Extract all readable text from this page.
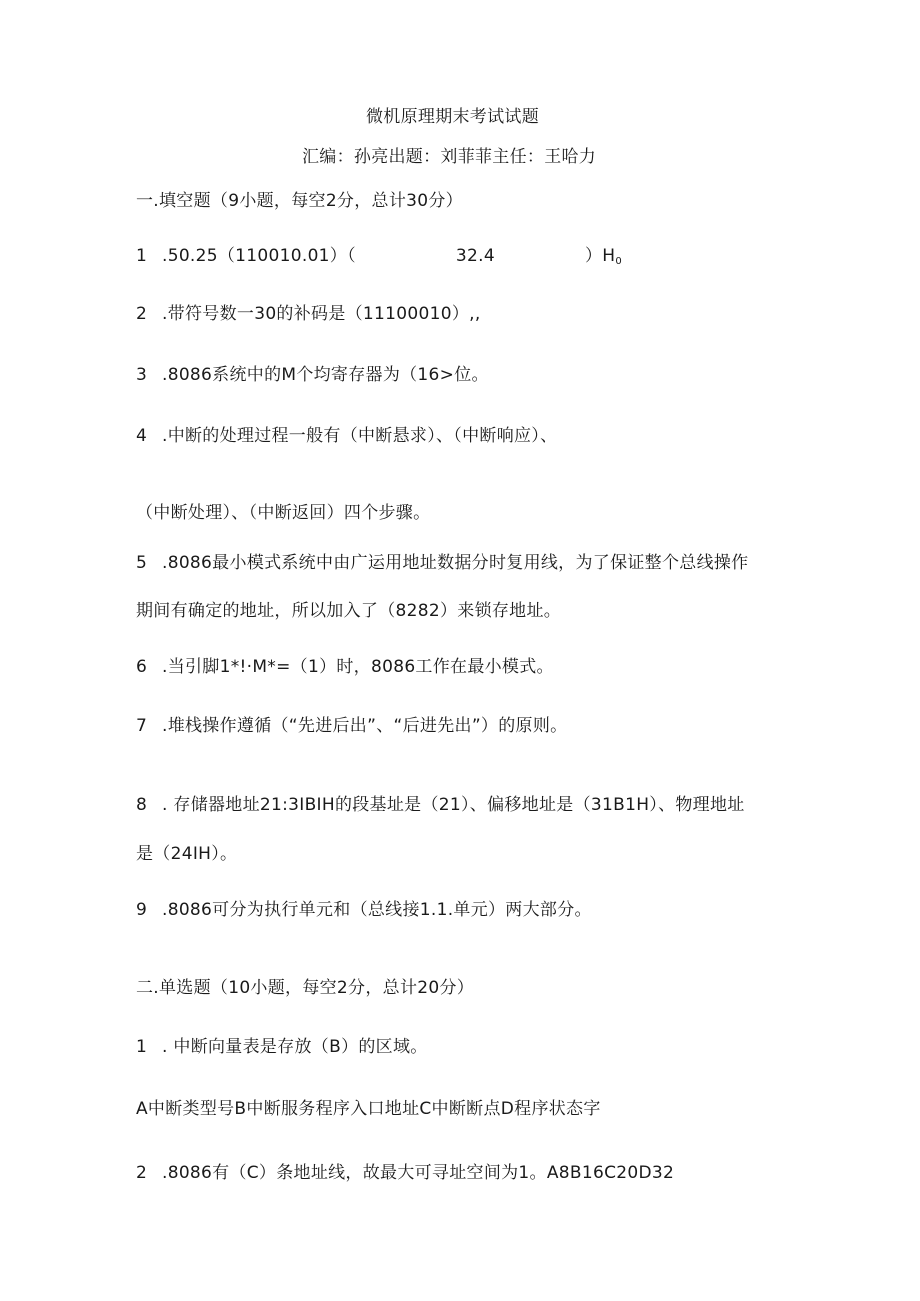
微机原理期末考试试题
汇编：孙亮出题：刘菲菲主任：王哈力
一.填空题（9小题，每空2分，总计30分）
1 .50.25（110010.01）（	32.4	）$H_0$
2 .带符号数一30的补码是（11100010）,,
3 .8086系统中的M个均寄存器为（16>位。
4 .中断的处理过程一般有（中断悬求）、（中断响应）、
（中断处理）、（中断返回）四个步骤。
5 .8086最小模式系统中由广运用地址数据分时复用线，为了保证整个总线操作
期间有确定的地址，所以加入了（8282）来锁存地址。
6 .当引脚1*!·M*=（1）时，8086工作在最小模式。
7 .堆栈操作遵循（“先进后出”、“后进先出”）的原则。
8 . 存储器地址21:3IBIH的段基址是（21）、偏移地址是（31B1H）、物理地址
是（24IH）。
9 .8086可分为执行单元和（总线接1.1.单元）两大部分。
二.单选题（10小题，每空2分，总计20分）
1 . 中断向量表是存放（B）的区域。
A中断类型号B中断服务程序入口地址C中断断点D程序状态字
2 .8086有（C）条地址线，故最大可寻址空间为1。A8B16C20D32
